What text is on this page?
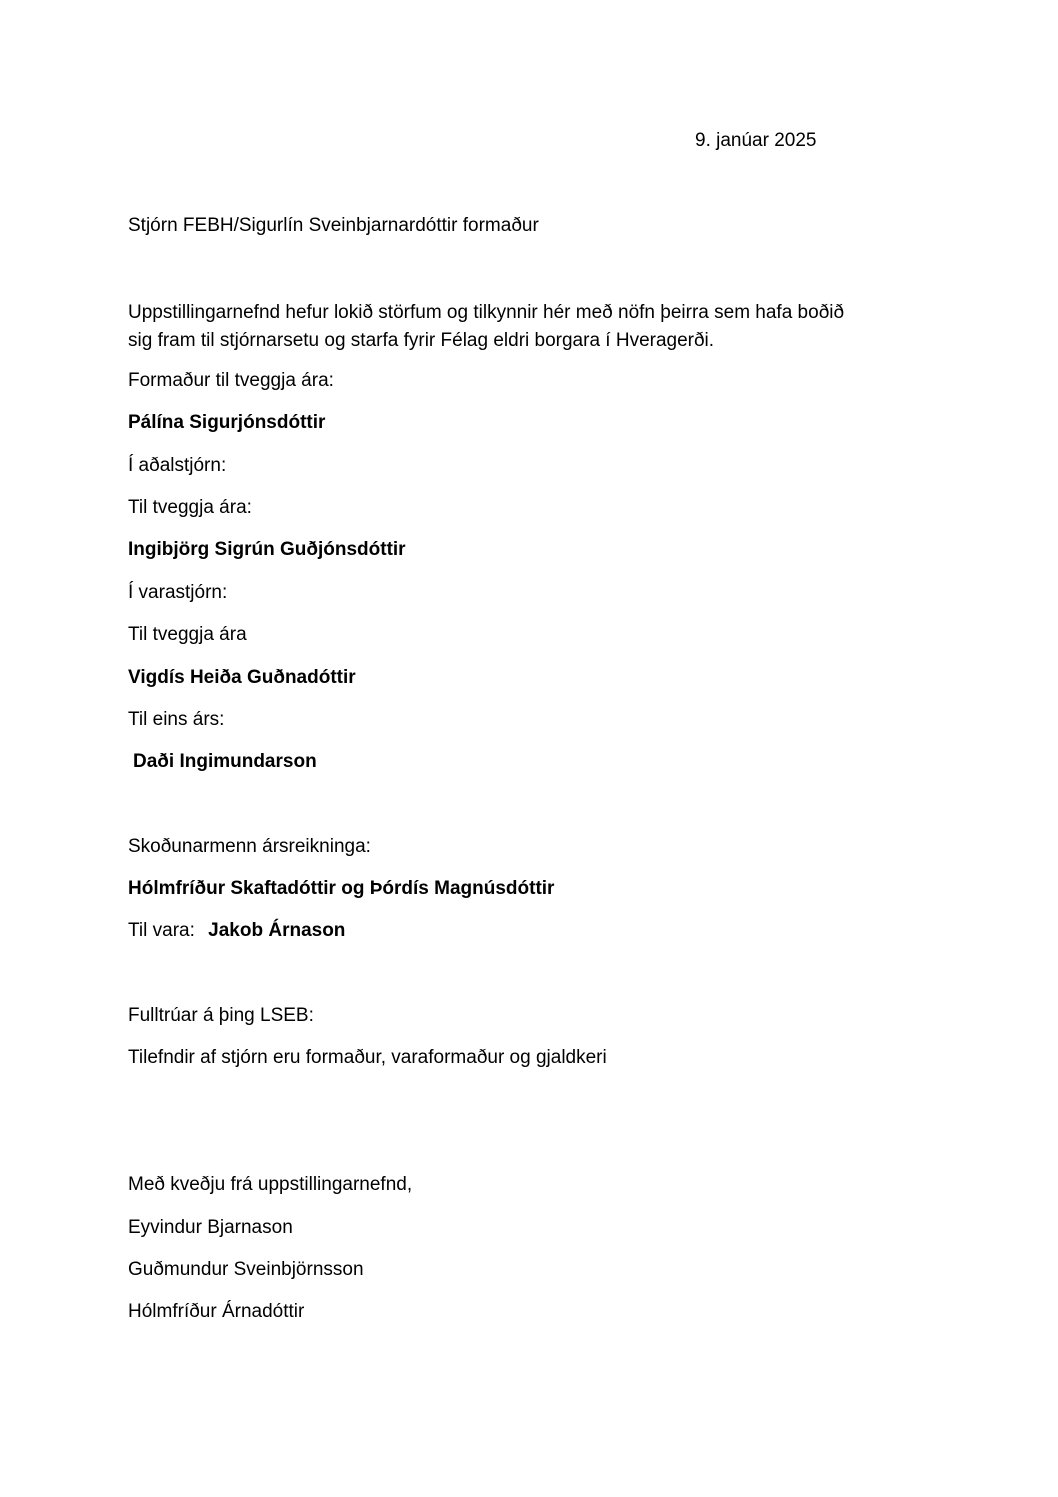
9. janúar 2025
Stjórn FEBH/Sigurlín Sveinbjarnardóttir formaður
Uppstillingarnefnd hefur lokið störfum og tilkynnir hér með nöfn þeirra sem hafa boðið
sig fram til stjórnarsetu og starfa fyrir Félag eldri borgara í Hveragerði.
Formaður til tveggja ára:
Pálína Sigurjónsdóttir
Í aðalstjórn:
Til tveggja ára:
Ingibjörg Sigrún Guðjónsdóttir
Í varastjórn:
Til tveggja ára
Vigdís Heiða Guðnadóttir
Til eins árs:
Daði Ingimundarson
Skoðunarmenn ársreikninga:
Hólmfríður Skaftadóttir og Þórdís Magnúsdóttir
Til vara: Jakob Árnason
Fulltrúar á þing LSEB:
Tilefndir af stjórn eru formaður, varaformaður og gjaldkeri
Með kveðju frá uppstillingarnefnd,
Eyvindur Bjarnason
Guðmundur Sveinbjörnsson
Hólmfríður Árnadóttir
